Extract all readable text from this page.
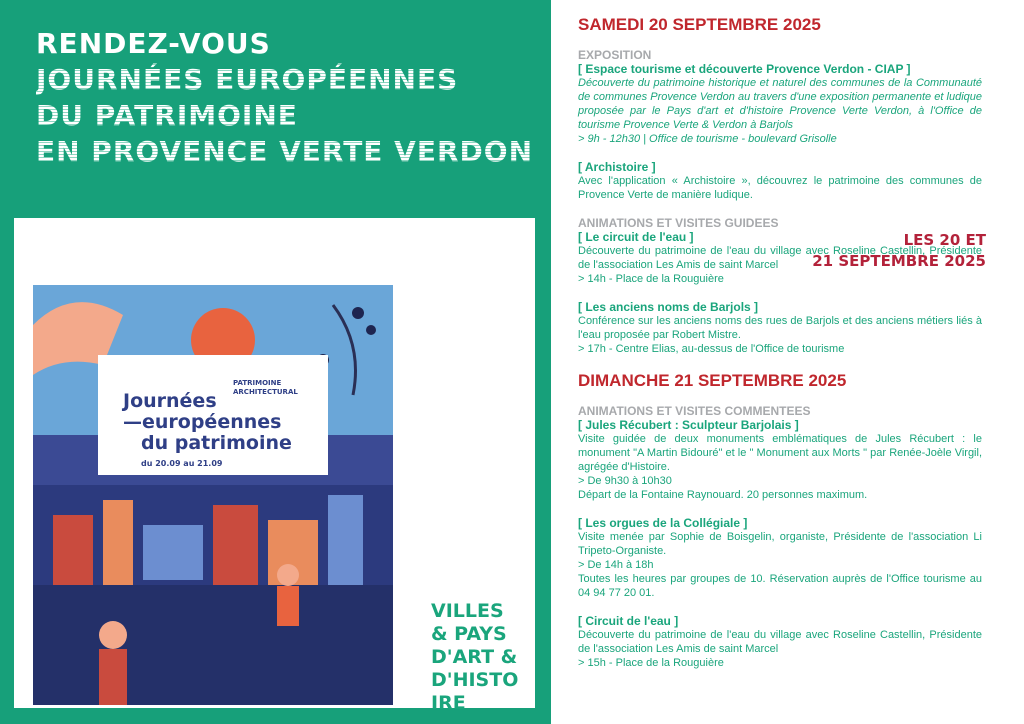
RENDEZ-VOUS
JOURNÉES EUROPÉENNES
DU PATRIMOINE
EN PROVENCE VERTE VERDON
LES 20 ET
21 SEPTEMBRE 2025
PATRIMOINE
ARCHITECTURAL
Journées
—européennes
du patrimoine
du 20.09 au 21.09
VILLES
& PAYS
D'ART &
D'HISTO
IRE
SAMEDI 20 SEPTEMBRE 2025
EXPOSITION
[ Espace tourisme et découverte Provence Verdon - CIAP ]
Découverte du patrimoine historique et naturel des communes de la Communauté de communes Provence Verdon au travers d'une exposition permanente et ludique proposée par le Pays d'art et d'histoire Provence Verte Verdon, à l'Office de tourisme Provence Verte & Verdon à Barjols
> 9h - 12h30 | Office de tourisme - boulevard Grisolle
[ Archistoire ]
Avec l'application « Archistoire », découvrez le patrimoine des communes de Provence Verte de manière ludique.
ANIMATIONS ET VISITES GUIDEES
[ Le circuit de l'eau ]
Découverte du patrimoine de l'eau du village avec Roseline Castellin, Présidente de l'association Les Amis de saint Marcel
> 14h - Place de la Rouguière
[ Les anciens noms de Barjols ]
Conférence sur les anciens noms des rues de Barjols et des anciens métiers liés à l'eau proposée par Robert Mistre.
> 17h - Centre Elias, au-dessus de l'Office de tourisme
DIMANCHE 21 SEPTEMBRE 2025
ANIMATIONS ET VISITES COMMENTEES
[ Jules Récubert : Sculpteur Barjolais ]
Visite guidée de deux monuments emblématiques de Jules Récubert : le monument "A Martin Bidouré" et le " Monument aux Morts " par Renée-Joèle Virgil, agrégée d'Histoire.
> De 9h30 à 10h30
Départ de la Fontaine Raynouard. 20 personnes maximum.
[ Les orgues de la Collégiale ]
Visite menée par Sophie de Boisgelin, organiste, Présidente de l'association Li Tripeto-Organiste.
> De 14h à 18h
Toutes les heures par groupes de 10. Réservation auprès de l'Office tourisme au 04 94 77 20 01.
[ Circuit de l'eau ]
Découverte du patrimoine de l'eau du village avec Roseline Castellin, Présidente de l'association Les Amis de saint Marcel
> 15h - Place de la Rouguière
